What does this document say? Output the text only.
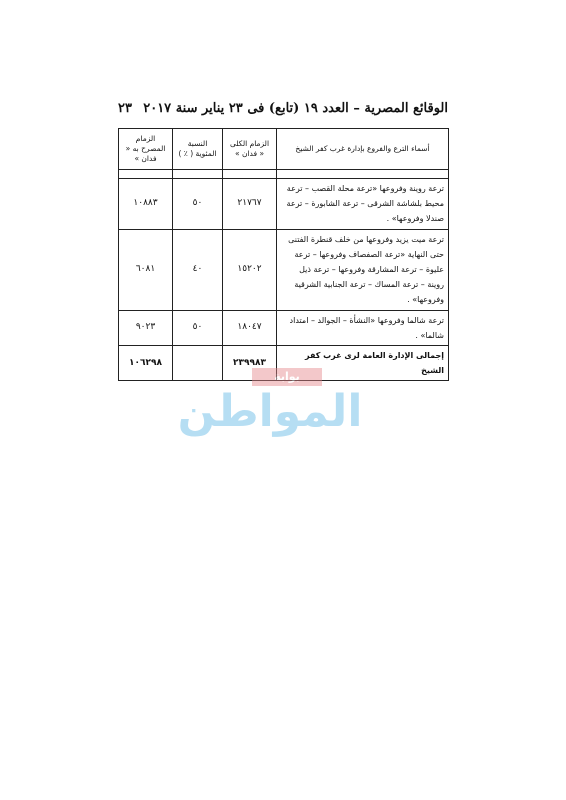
الوقائع المصرية – العدد ١٩ (تابع) فى ٢٣ يناير سنة ٢٠١٧
٢٣
أسماء الترع والفروع بإدارة غرب كفر الشيخ	الزمام الكلى « فدان »	النسبة المئوية ( ٪ )	الزمام المصرح به « فدان »

ترعة روينة وفروعها «ترعة محلة القصب – ترعة محيط بلشاشة الشرقى – ترعة الشابورة – ترعة صندلا وفروعها» .	٢١٧٦٧	٥٠	١٠٨٨٣
ترعة ميت يزيد وفروعها من خلف قنطرة الفتنى حتى النهاية «ترعة الصفصاف وفروعها – ترعة عليوة – ترعة المشارقة وفروعها – ترعة ذيل روينة – ترعة المساك – ترعة الجنابية الشرقية وفروعها» .	١٥٢٠٢	٤٠	٦٠٨١
ترعة شالما وفروعها «النشأة – الجوالد – امتداد شالما» .	١٨٠٤٧	٥٠	٩٠٢٣
إجمالى الإدارة العامة لرى غرب كفر الشيخ	٢٣٩٩٨٣		١٠٦٢٩٨
بوابة
المواطن
